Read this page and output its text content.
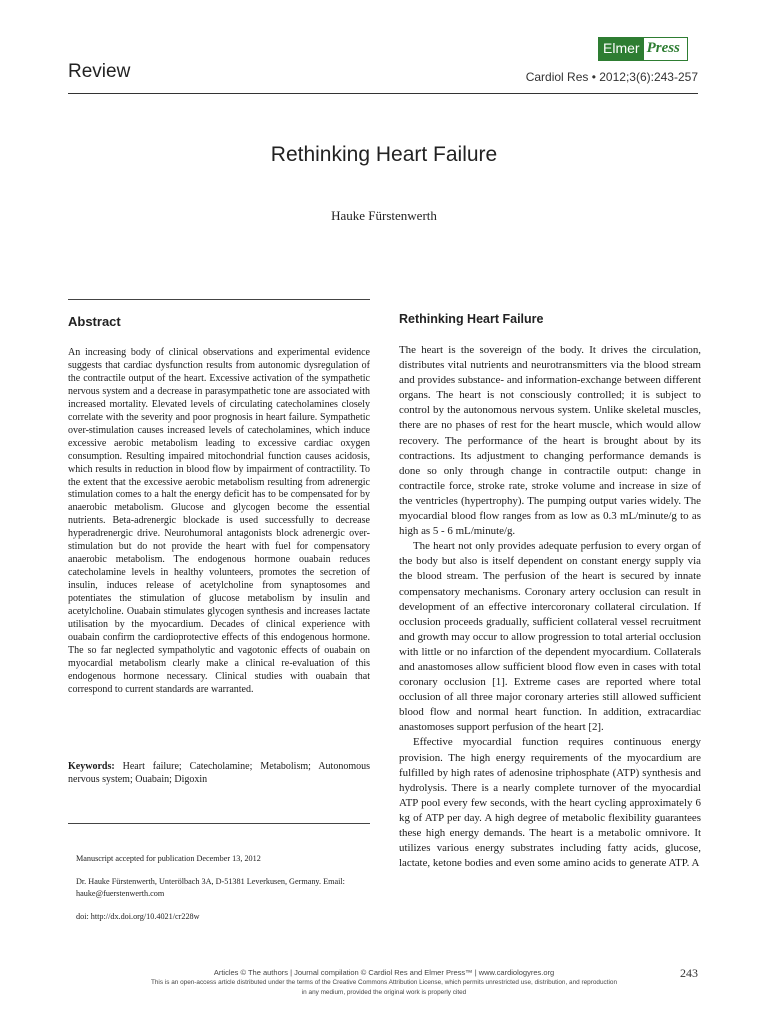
Elmer Press
Review	Cardiol Res • 2012;3(6):243-257
Rethinking Heart Failure
Hauke Fürstenwerth
Abstract
An increasing body of clinical observations and experimental evidence suggests that cardiac dysfunction results from autonomic dysregulation of the contractile output of the heart. Excessive activation of the sympathetic nervous system and a decrease in parasympathetic tone are associated with increased mortality. Elevated levels of circulating catecholamines closely correlate with the severity and poor prognosis in heart failure. Sympathetic over-stimulation causes increased levels of catecholamines, which induce excessive aerobic metabolism leading to excessive cardiac oxygen consumption. Resulting impaired mitochondrial function causes acidosis, which results in reduction in blood flow by impairment of contractility. To the extent that the excessive aerobic metabolism resulting from adrenergic stimulation comes to a halt the energy deficit has to be compensated for by anaerobic metabolism. Glucose and glycogen become the essential nutrients. Beta-adrenergic blockade is used successfully to decrease hyperadrenergic drive. Neurohumoral antagonists block adrenergic over-stimulation but do not provide the heart with fuel for compensatory anaerobic metabolism. The endogenous hormone ouabain reduces catecholamine levels in healthy volunteers, promotes the secretion of insulin, induces release of acetylcholine from synaptosomes and potentiates the stimulation of glucose metabolism by insulin and acetylcholine. Ouabain stimulates glycogen synthesis and increases lactate utilisation by the myocardium. Decades of clinical experience with ouabain confirm the cardioprotective effects of this endogenous hormone. The so far neglected sympatholytic and vagotonic effects of ouabain on myocardial metabolism clearly make a clinical re-evaluation of this endogenous hormone necessary. Clinical studies with ouabain that correspond to current standards are warranted.
Keywords: Heart failure; Catecholamine; Metabolism; Autonomous nervous system; Ouabain; Digoxin

Manuscript accepted for publication December 13, 2012

Dr. Hauke Fürstenwerth, Unterölbach 3A, D-51381 Leverkusen, Germany. Email: hauke@fuerstenwerth.com

doi: http://dx.doi.org/10.4021/cr228w

Rethinking Heart Failure

The heart is the sovereign of the body. It drives the circulation, distributes vital nutrients and neurotransmitters via the blood stream and provides substance- and information-exchange between different organs. The heart is not consciously controlled; it is subject to control by the autonomous nervous system. Unlike skeletal muscles, there are no phases of rest for the heart muscle, which would allow recovery. The performance of the heart is brought about by its contractions. Its adjustment to changing performance demands is done so only through change in contractile output: change in contractile force, stroke rate, stroke volume and increase in size of the ventricles (hypertrophy). The pumping output varies widely. The myocardial blood flow ranges from as low as 0.3 mL/minute/g to as high as 5 - 6 mL/minute/g.

The heart not only provides adequate perfusion to every organ of the body but also is itself dependent on constant energy supply via the blood stream. The perfusion of the heart is secured by innate compensatory mechanisms. Coronary artery occlusion can result in development of an effective intercoronary collateral circulation. If occlusion proceeds gradually, sufficient collateral vessel recruitment and growth may occur to allow progression to total arterial occlusion with little or no infarction of the dependent myocardium. Collaterals and anastomoses allow sufficient blood flow even in cases with total coronary occlusion [1]. Extreme cases are reported where total occlusion of all three major coronary arteries still allowed sufficient blood flow and normal heart function. In addition, extracardiac anastomoses support perfusion of the heart [2].

Effective myocardial function requires continuous energy provision. The high energy requirements of the myocardium are fulfilled by high rates of adenosine triphosphate (ATP) synthesis and hydrolysis. There is a nearly complete turnover of the myocardial ATP pool every few seconds, with the heart cycling approximately 6 kg of ATP per day. A high degree of metabolic flexibility guarantees these high energy demands. The heart is a metabolic omnivore. It utilizes various energy substrates including fatty acids, glucose, lactate, ketone bodies and even some amino acids to generate ATP. A

Articles © The authors | Journal compilation © Cardiol Res and Elmer Press™ | www.cardiologyres.org
This is an open-access article distributed under the terms of the Creative Commons Attribution License, which permits unrestricted use, distribution, and reproduction
in any medium, provided the original work is properly cited
243
